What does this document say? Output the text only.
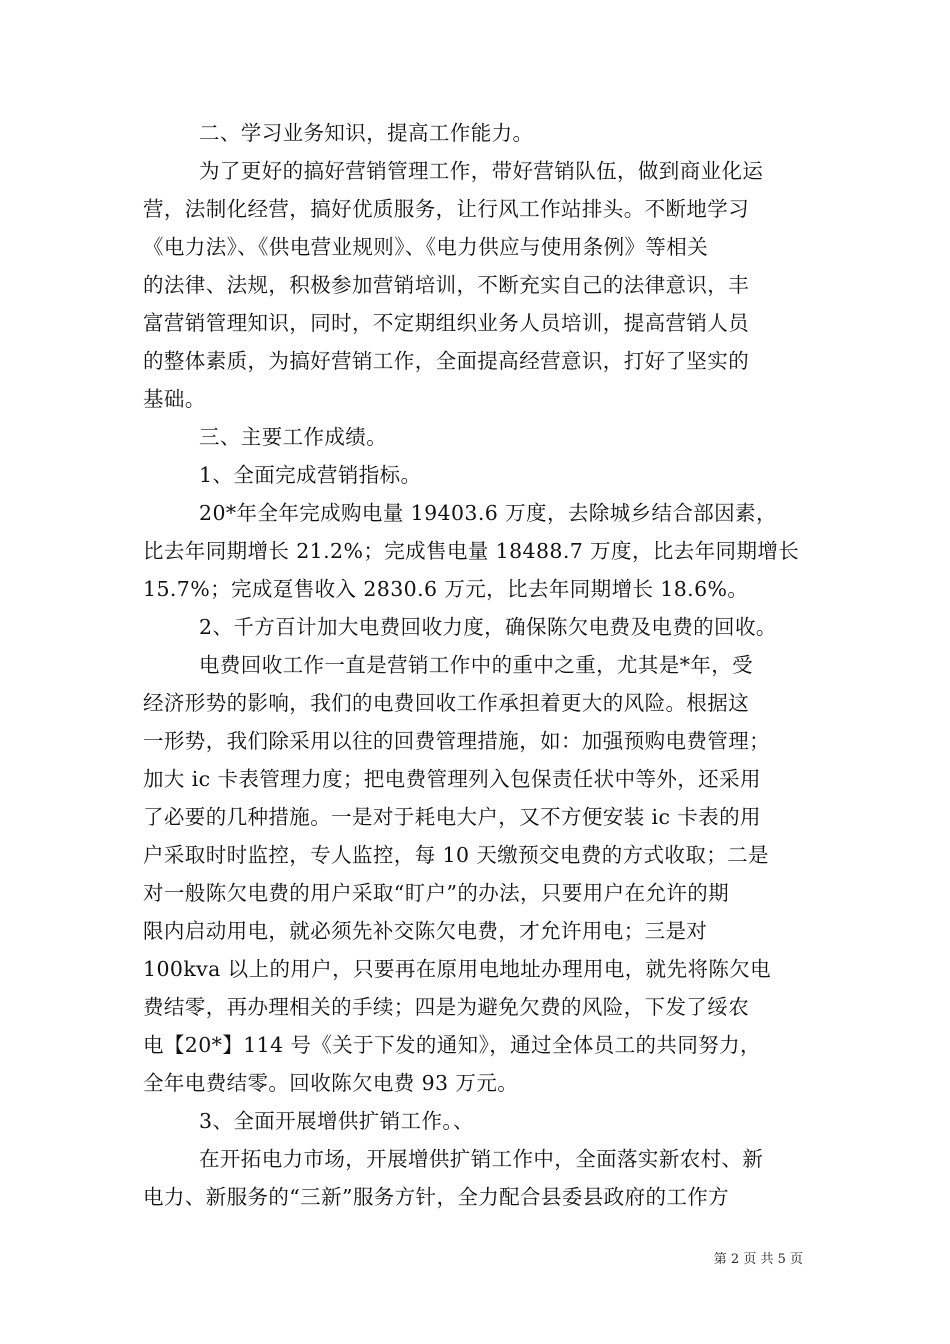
二、学习业务知识，提高工作能力。
为了更好的搞好营销管理工作，带好营销队伍，做到商业化运
营，法制化经营，搞好优质服务，让行风工作站排头。不断地学习
《电力法》、《供电营业规则》、《电力供应与使用条例》等相关
的法律、法规，积极参加营销培训，不断充实自己的法律意识，丰
富营销管理知识，同时，不定期组织业务人员培训，提高营销人员
的整体素质，为搞好营销工作，全面提高经营意识，打好了坚实的
基础。
三、主要工作成绩。
1、全面完成营销指标。
20*年全年完成购电量 19403.6 万度，去除城乡结合部因素，
比去年同期增长 21.2%；完成售电量 18488.7 万度，比去年同期增长
15.7%；完成趸售收入 2830.6 万元，比去年同期增长 18.6%。
2、千方百计加大电费回收力度，确保陈欠电费及电费的回收。
电费回收工作一直是营销工作中的重中之重，尤其是*年，受
经济形势的影响，我们的电费回收工作承担着更大的风险。根据这
一形势，我们除采用以往的回费管理措施，如：加强预购电费管理；
加大 ic 卡表管理力度；把电费管理列入包保责任状中等外，还采用
了必要的几种措施。一是对于耗电大户，又不方便安装 ic 卡表的用
户采取时时监控，专人监控，每 10 天缴预交电费的方式收取；二是
对一般陈欠电费的用户采取“盯户”的办法，只要用户在允许的期
限内启动用电，就必须先补交陈欠电费，才允许用电；三是对
100kva 以上的用户，只要再在原用电地址办理用电，就先将陈欠电
费结零，再办理相关的手续；四是为避免欠费的风险，下发了绥农
电【20*】114 号《关于下发的通知》，通过全体员工的共同努力，
全年电费结零。回收陈欠电费 93 万元。
3、全面开展增供扩销工作。、
在开拓电力市场，开展增供扩销工作中，全面落实新农村、新
电力、新服务的“三新”服务方针，全力配合县委县政府的工作方
第 2 页 共 5 页
